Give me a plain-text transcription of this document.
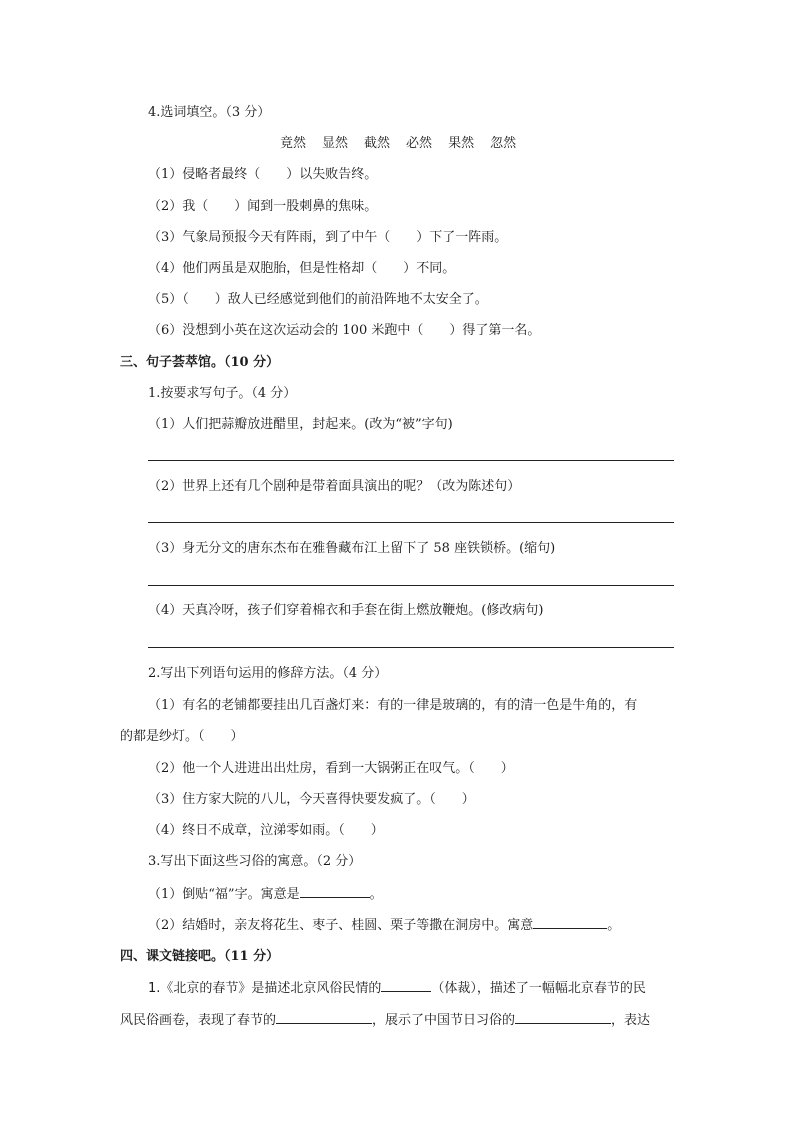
4.选词填空。（3 分）
竟然 显然 截然 必然 果然 忽然
（1）侵略者最终（　　）以失败告终。
（2）我（　　）闻到一股刺鼻的焦味。
（3）气象局预报今天有阵雨，到了中午（　　）下了一阵雨。
（4）他们两虽是双胞胎，但是性格却（　　）不同。
（5）（　　）敌人已经感觉到他们的前沿阵地不太安全了。
（6）没想到小英在这次运动会的 100 米跑中（　　）得了第一名。
三、句子荟萃馆。（10 分）
1.按要求写句子。（4 分）
（1）人们把蒜瓣放进醋里，封起来。(改为“被”字句)
（2）世界上还有几个剧种是带着面具演出的呢？（改为陈述句）
（3）身无分文的唐东杰布在雅鲁藏布江上留下了 58 座铁锁桥。(缩句)
（4）天真冷呀，孩子们穿着棉衣和手套在街上燃放鞭炮。(修改病句)
2.写出下列语句运用的修辞方法。（4 分）
（1）有名的老铺都要挂出几百盏灯来：有的一律是玻璃的，有的清一色是牛角的，有
的都是纱灯。（　　）
（2）他一个人进进出出灶房，看到一大锅粥正在叹气。（　　）
（3）住方家大院的八儿，今天喜得快要发疯了。（　　）
（4）终日不成章，泣涕零如雨。（　　）
3.写出下面这些习俗的寓意。（2 分）
（1）倒贴“福”字。寓意是	。
（2）结婚时，亲友将花生、枣子、桂圆、栗子等撒在洞房中。寓意	。
四、课文链接吧。（11 分）
1.《北京的春节》是描述北京风俗民情的	（体裁），描述了一幅幅北京春节的民
风民俗画卷，表现了春节的	，展示了中国节日习俗的	，表达
